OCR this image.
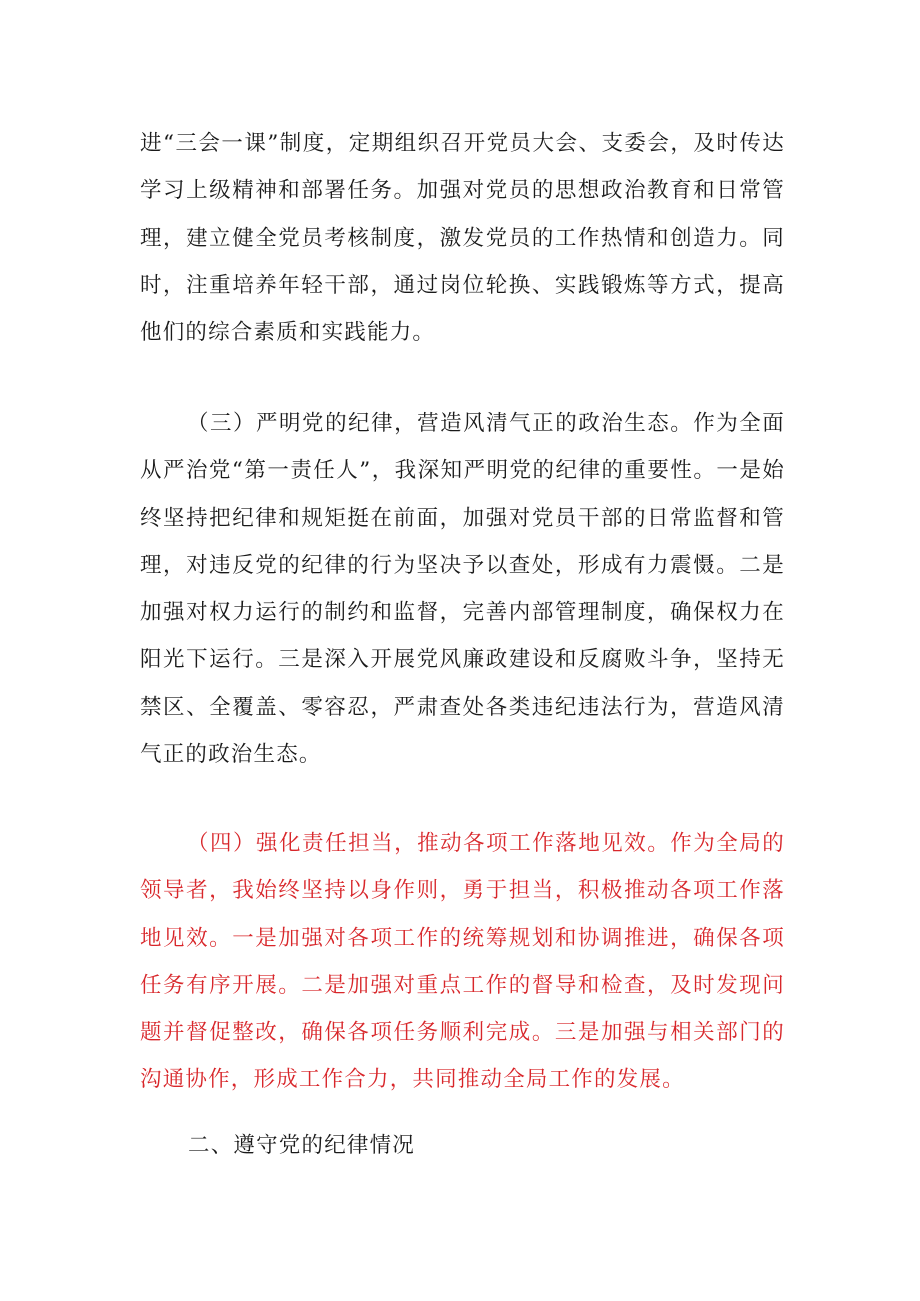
进“三会一课”制度，定期组织召开党员大会、支委会，及时传达学习上级精神和部署任务。加强对党员的思想政治教育和日常管理，建立健全党员考核制度，激发党员的工作热情和创造力。同时，注重培养年轻干部，通过岗位轮换、实践锻炼等方式，提高他们的综合素质和实践能力。

（三）严明党的纪律，营造风清气正的政治生态。作为全面从严治党“第一责任人”，我深知严明党的纪律的重要性。一是始终坚持把纪律和规矩挺在前面，加强对党员干部的日常监督和管理，对违反党的纪律的行为坚决予以查处，形成有力震慑。二是加强对权力运行的制约和监督，完善内部管理制度，确保权力在阳光下运行。三是深入开展党风廉政建设和反腐败斗争，坚持无禁区、全覆盖、零容忍，严肃查处各类违纪违法行为，营造风清气正的政治生态。

（四）强化责任担当，推动各项工作落地见效。作为全局的领导者，我始终坚持以身作则，勇于担当，积极推动各项工作落地见效。一是加强对各项工作的统筹规划和协调推进，确保各项任务有序开展。二是加强对重点工作的督导和检查，及时发现问题并督促整改，确保各项任务顺利完成。三是加强与相关部门的沟通协作，形成工作合力，共同推动全局工作的发展。

二、遵守党的纪律情况
